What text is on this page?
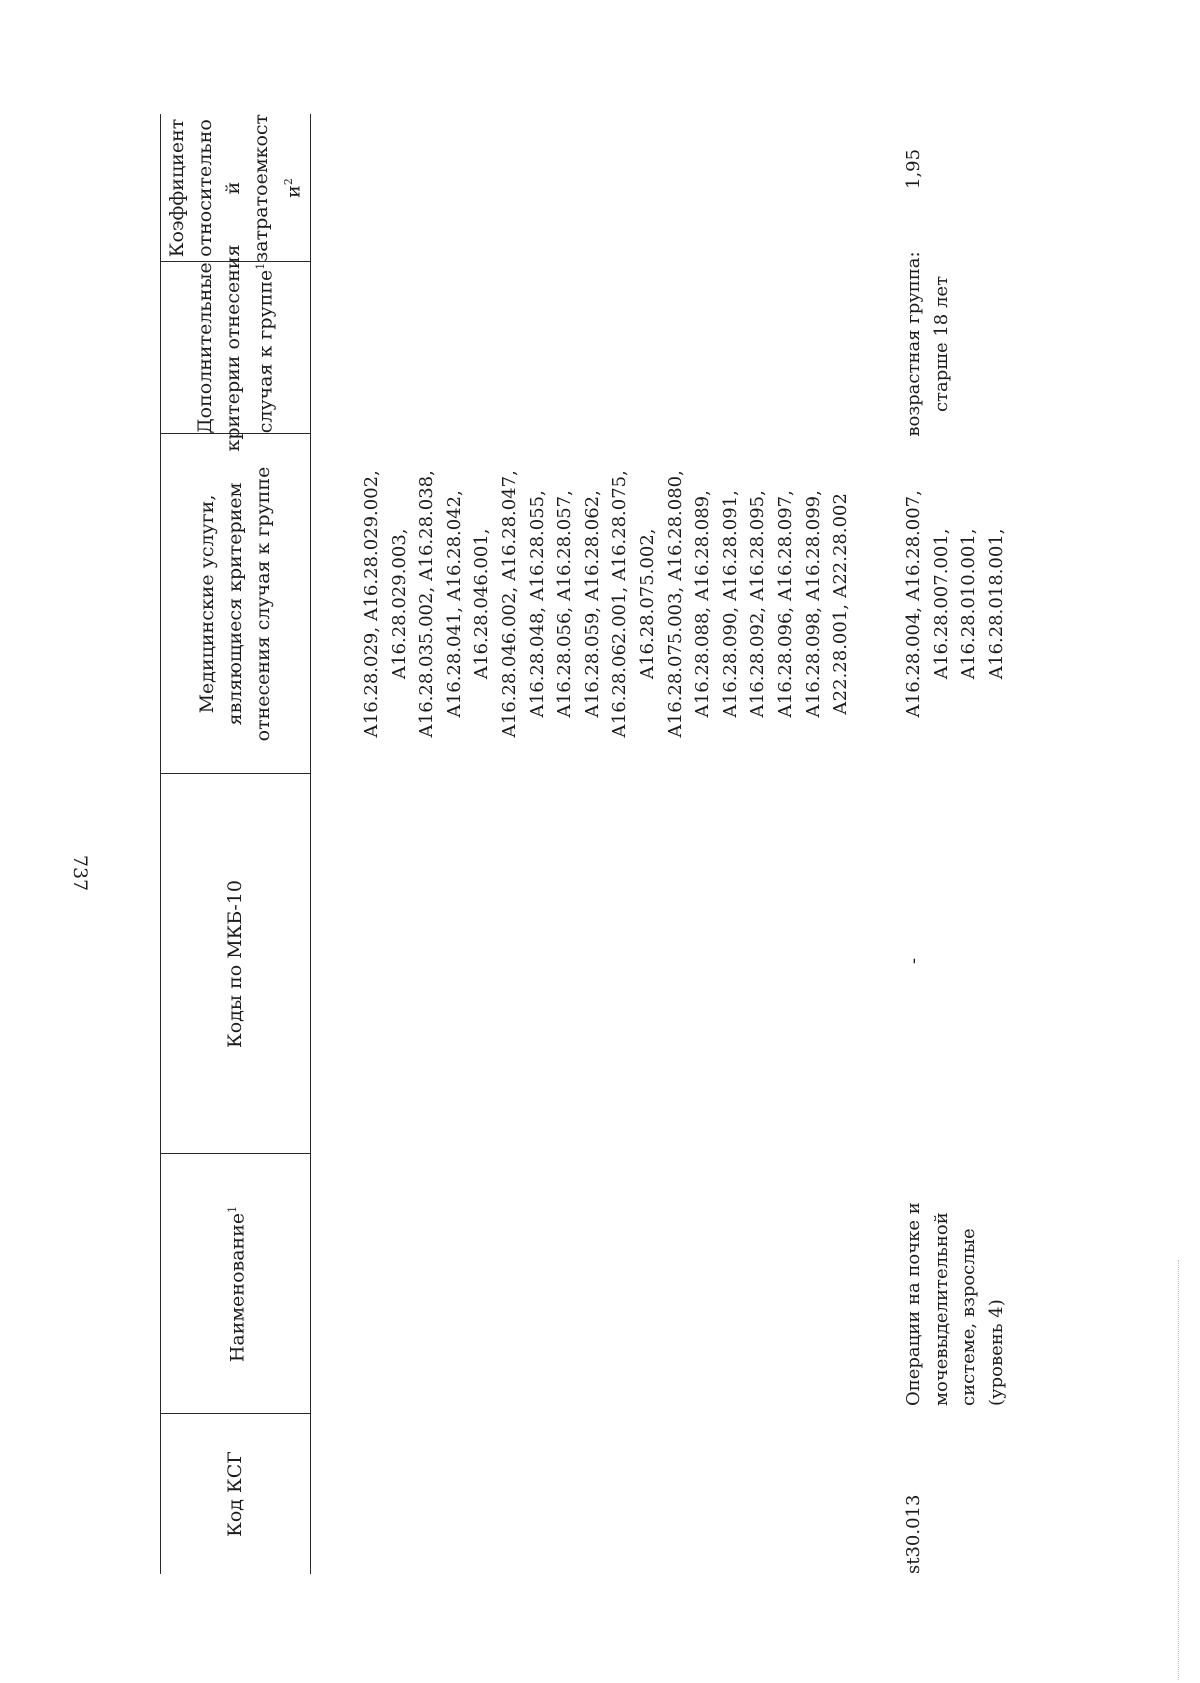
737
Код КСГ
Наименование$^1$
Коды по МКБ-10
Медицинские услуги, являющиеся критерием отнесения случая к группе
Дополнительные критерии отнесения случая к группе$^1$
Коэффициент относительно й затратоемкост $и^2$
А16.28.029, А16.28.029.002, А16.28.029.003, А16.28.035.002, А16.28.038, А16.28.041, А16.28.042, А16.28.046.001, А16.28.046.002, А16.28.047, А16.28.048, А16.28.055, А16.28.056, А16.28.057, А16.28.059, А16.28.062, А16.28.062.001, А16.28.075, А16.28.075.002, А16.28.075.003, А16.28.080, А16.28.088, А16.28.089, А16.28.090, А16.28.091, А16.28.092, А16.28.095, А16.28.096, А16.28.097, А16.28.098, А16.28.099, А22.28.001, А22.28.002
st30.013
Операции на почке и мочевыделительной системе, взрослые (уровень 4)
-
А16.28.004, А16.28.007, А16.28.007.001, А16.28.010.001, А16.28.018.001,
возрастная группа: старше 18 лет
1,95
